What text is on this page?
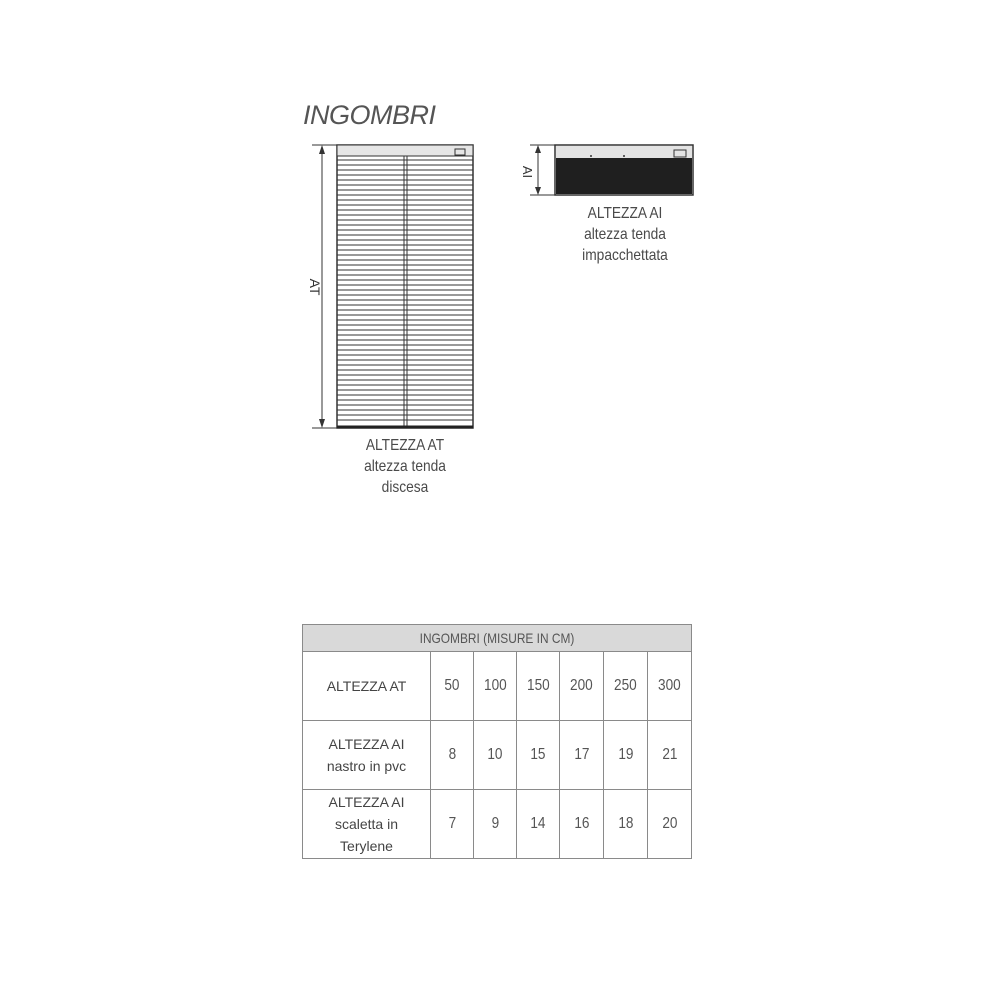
INGOMBRI
AT
AI
ALTEZZA AT
altezza tenda
discesa
ALTEZZA AI
altezza tenda
impacchettata
INGOMBRI (MISURE IN CM)						

ALTEZZA AT	50	100	150	200	250	300

ALTEZZA AI
nastro in pvc	8	10	15	17	19	21

ALTEZZA AI
scaletta in
Terylene	7	9	14	16	18	20
